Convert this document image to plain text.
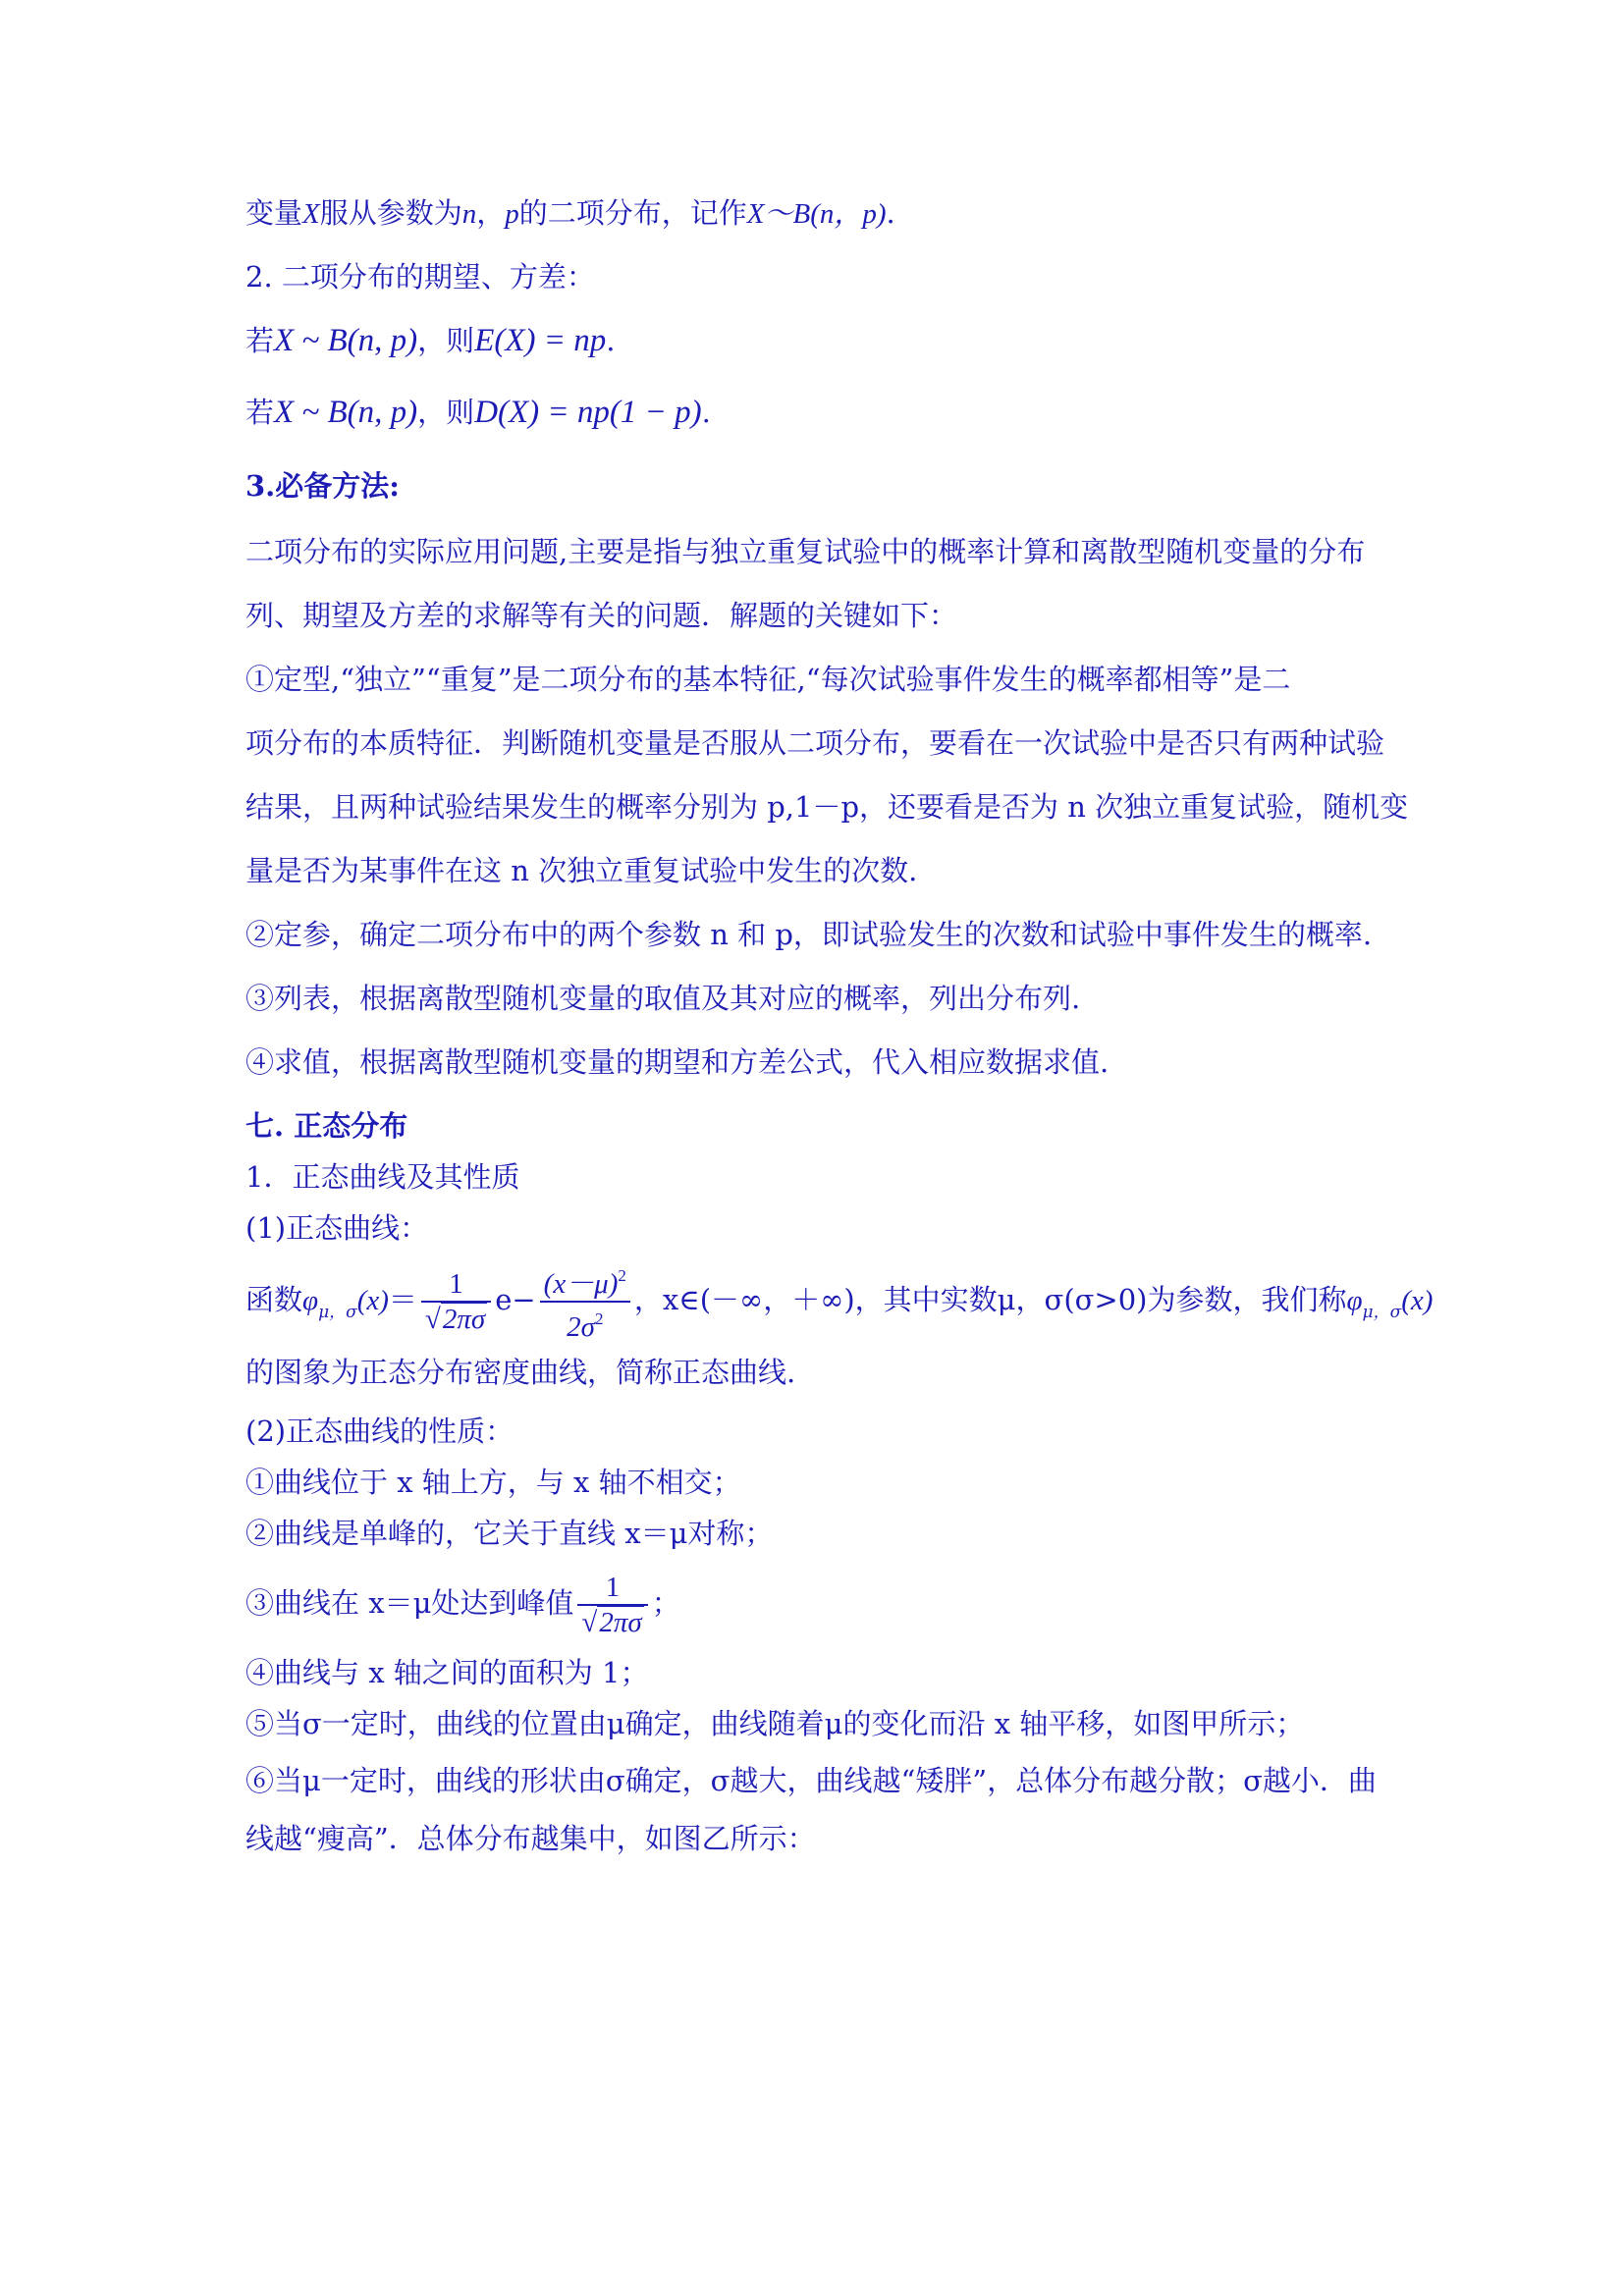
变量X服从参数为n，p的二项分布，记作X～B(n，p).
2. 二项分布的期望、方差：
若X ~ B(n, p)，则E(X) = np.
若X ~ B(n, p)，则D(X) = np(1 − p).
3.必备方法:
二项分布的实际应用问题,主要是指与独立重复试验中的概率计算和离散型随机变量的分布
列、期望及方差的求解等有关的问题．解题的关键如下：
①定型,“独立”“重复”是二项分布的基本特征,“每次试验事件发生的概率都相等”是二
项分布的本质特征．判断随机变量是否服从二项分布，要看在一次试验中是否只有两种试验
结果，且两种试验结果发生的概率分别为 p,1－p，还要看是否为 n 次独立重复试验，随机变
量是否为某事件在这 n 次独立重复试验中发生的次数.
②定参，确定二项分布中的两个参数 n 和 p，即试验发生的次数和试验中事件发生的概率.
③列表，根据离散型随机变量的取值及其对应的概率，列出分布列.
④求值，根据离散型随机变量的期望和方差公式，代入相应数据求值.
七. 正态分布
1．正态曲线及其性质
(1)正态曲线：
函数$\varphi_{\mu,\sigma}(x)= \frac{1}{√2\pi\sigma} e- \frac{(x-\mu)^2}{2\sigma^2}$ ，x∈(－∞，＋∞)，其中实数μ，σ(σ>0)为参数，我们称$\varphi_{\mu,\sigma}(x)$
的图象为正态分布密度曲线，简称正态曲线.
(2)正态曲线的性质：
①曲线位于 x 轴上方，与 x 轴不相交；
②曲线是单峰的，它关于直线 x＝μ对称；
③曲线在 x＝μ处达到峰值 $\frac{1}{√2\pi\sigma}$ ；
④曲线与 x 轴之间的面积为 1；
⑤当σ一定时，曲线的位置由μ确定，曲线随着μ的变化而沿 x 轴平移，如图甲所示；
⑥当μ一定时，曲线的形状由σ确定，σ越大，曲线越“矮胖”，总体分布越分散；σ越小．曲
线越“瘦高”．总体分布越集中，如图乙所示：
